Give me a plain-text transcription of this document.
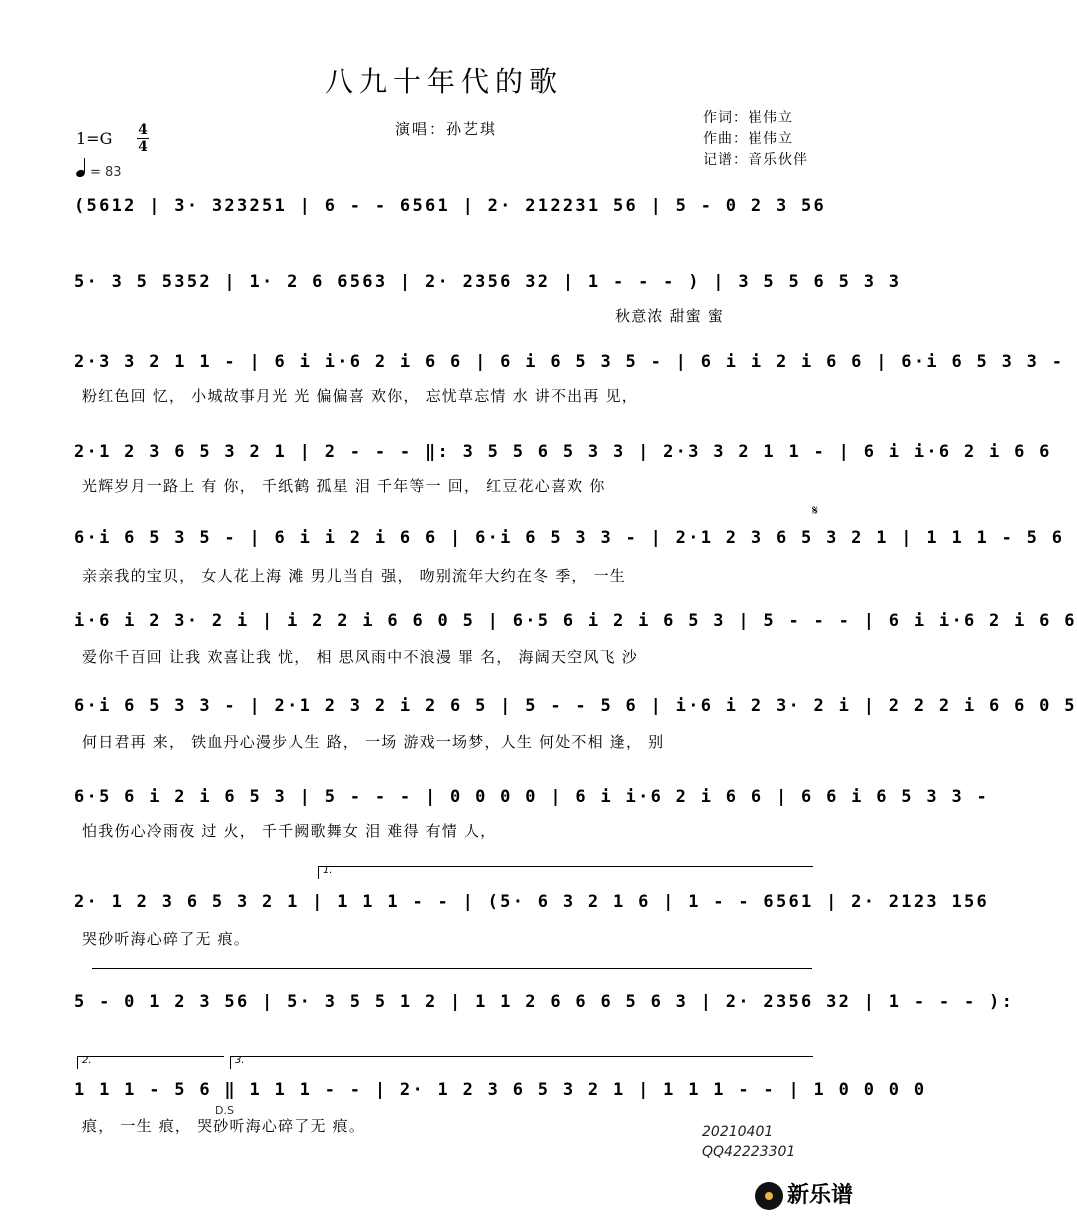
八九十年代的歌
演唱：孙艺琪
作词：崔伟立
作曲：崔伟立
记谱：音乐伙伴
1=G 4
4
= 83
(5612 | 3· 323251 | 6 - - 6561 | 2· 212231 56 | 5 - 0 2 3 56
5· 3 5 5352 | 1· 2 6 6563 | 2· 2356 32 | 1 - - - ) | 3 5 5 6 5 3 3
秋意浓 甜蜜 蜜
2·3 3 2 1 1 - | 6 i i·6 2 i 6 6 | 6 i 6 5 3 5 - | 6 i i 2 i 6 6 | 6·i 6 5 3 3 -
粉红色回 忆， 小城故事月光 光 偏偏喜 欢你， 忘忧草忘情 水 讲不出再 见，
2·1 2 3 6 5 3 2 1 | 2 - - - ‖: 3 5 5 6 5 3 3 | 2·3 3 2 1 1 - | 6 i i·6 2 i 6 6
光辉岁月一路上 有 你， 千纸鹤 孤星 泪 千年等一 回， 红豆花心喜欢 你
6·i 6 5 3 5 - | 6 i i 2 i 6 6 | 6·i 6 5 3 3 - | 2·1 2 3 6 5 3 2 1 | 1 1 1 - 5 6
亲亲我的宝贝， 女人花上海 滩 男儿当自 强， 吻别流年大约在冬 季， 一生
𝄋
i·6 i 2 3· 2 i | i 2 2 i 6 6 0 5 | 6·5 6 i 2 i 6 5 3 | 5 - - - | 6 i i·6 2 i 6 6
爱你千百回 让我 欢喜让我 忧， 相 思风雨中不浪漫 罪 名， 海阔天空风飞 沙
6·i 6 5 3 3 - | 2·1 2 3 2 i 2 6 5 | 5 - - 5 6 | i·6 i 2 3· 2 i | 2 2 2 i 6 6 0 5
何日君再 来， 铁血丹心漫步人生 路， 一场 游戏一场梦，人生 何处不相 逢， 别
6·5 6 i 2 i 6 5 3 | 5 - - - | 0 0 0 0 | 6 i i·6 2 i 6 6 | 6 6 i 6 5 3 3 -
怕我伤心冷雨夜 过 火， 千千阙歌舞女 泪 难得 有情 人，
1.
2· 1 2 3 6 5 3 2 1 | 1 1 1 - - | (5· 6 3 2 1 6 | 1 - - 6561 | 2· 2123 156
哭砂听海心碎了无 痕。
5 - 0 1 2 3 56 | 5· 3 5 5 1 2 | 1 1 2 6 6 6 5 6 3 | 2· 2356 32 | 1 - - - ):
2.	3.
1 1 1 - 5 6 ‖ 1 1 1 - - | 2· 1 2 3 6 5 3 2 1 | 1 1 1 - - | 1 0 0 0 0
D.S
痕， 一生 痕， 哭砂听海心碎了无 痕。	20210401
QQ42223301
新乐谱
